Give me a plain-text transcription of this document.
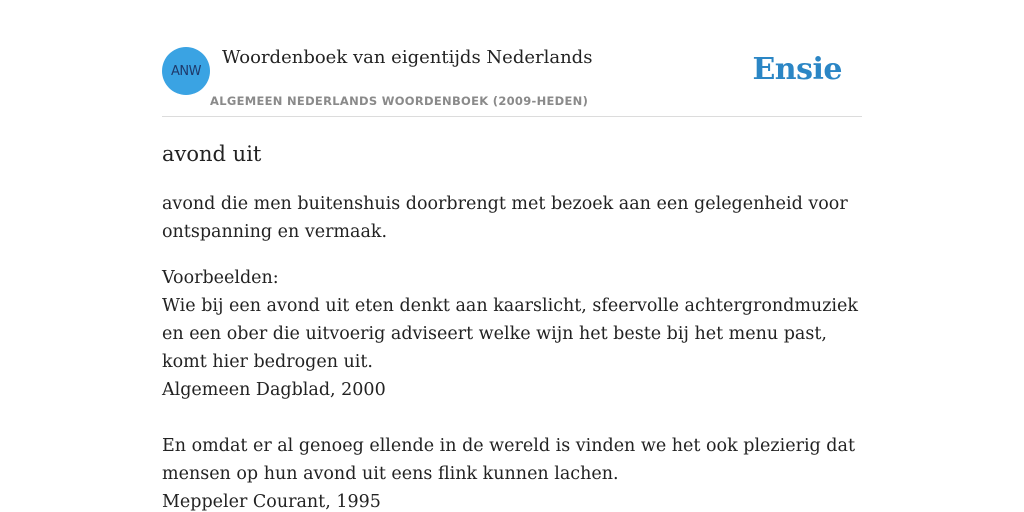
ANW
Woordenboek van eigentijds Nederlands
ALGEMEEN NEDERLANDS WOORDENBOEK (2009-HEDEN)
Ensie
avond uit

avond die men buitenshuis doorbrengt met bezoek aan een gelegenheid voor ontspanning en vermaak.

Voorbeelden:

Wie bij een avond uit eten denkt aan kaarslicht, sfeervolle achtergrondmuziek en een ober die uitvoerig adviseert welke wijn het beste bij het menu past, komt hier bedrogen uit.

Algemeen Dagblad, 2000

En omdat er al genoeg ellende in de wereld is vinden we het ook plezierig dat mensen op hun avond uit eens flink kunnen lachen.

Meppeler Courant, 1995
